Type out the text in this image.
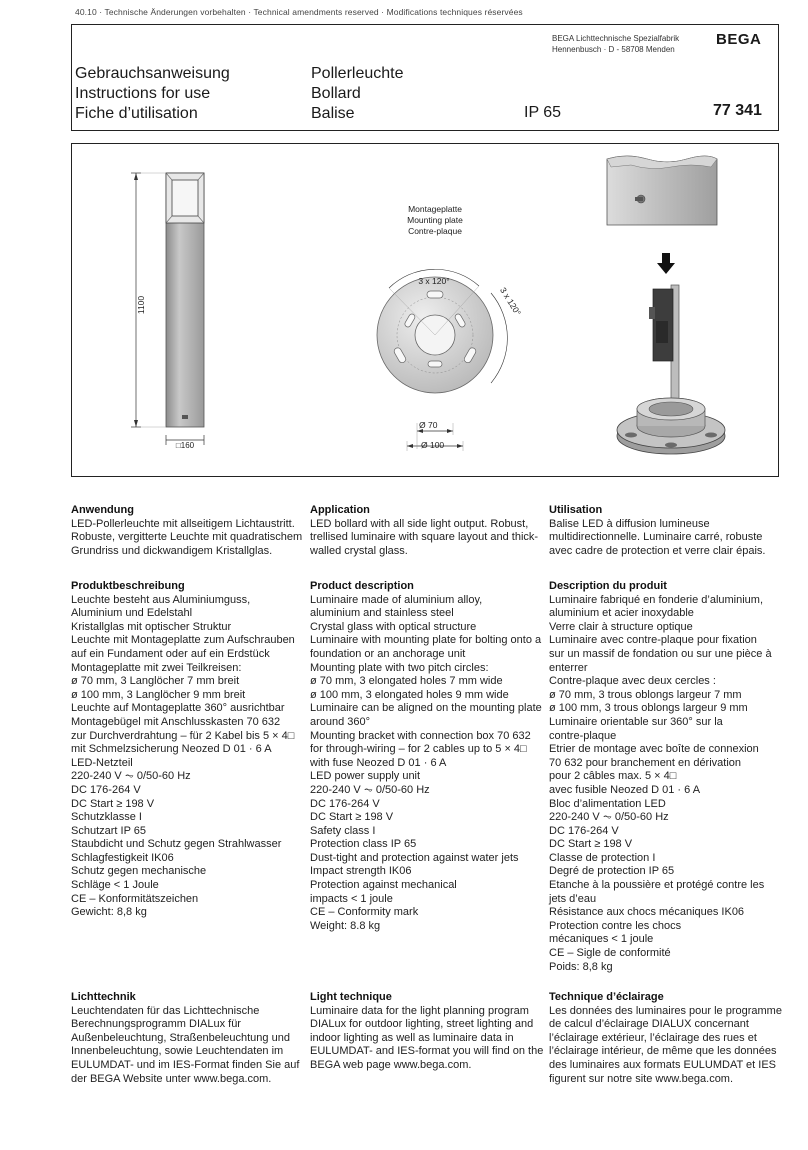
40.10 · Technische Änderungen vorbehalten · Technical amendments reserved · Modifications techniques réservées
BEGA Lichttechnische Spezialfabrik
Hennenbusch · D - 58708 Menden
BEGA
Gebrauchsanweisung
Instructions for use
Fiche d’utilisation
Pollerleuchte
Bollard
Balise	IP 65	77 341
1100
□160
Montageplatte
Mounting plate
Contre-plaque
3 x 120°
3 x 120°
Ø 70
Ø 100
Anwendung

LED-Pollerleuchte mit allseitigem Lichtaustritt.

Robuste, vergitterte Leuchte mit quadratischem

Grundriss und dickwandigem Kristallglas.

Application

LED bollard with all side light output. Robust,

trellised luminaire with square layout and thick-

walled crystal glass.

Utilisation

Balise LED à diffusion lumineuse

multidirectionnelle. Luminaire carré, robuste

avec cadre de protection et verre clair épais.

Produktbeschreibung

Leuchte besteht aus Aluminiumguss,

Aluminium und Edelstahl

Kristallglas mit optischer Struktur

Leuchte mit Montageplatte zum Aufschrauben

auf ein Fundament oder auf ein Erdstück

Montageplatte mit zwei Teilkreisen:

ø 70 mm, 3 Langlöcher 7 mm breit

ø 100 mm, 3 Langlöcher 9 mm breit

Leuchte auf Montageplatte 360° ausrichtbar

Montagebügel mit Anschlusskasten 70 632

zur Durchverdrahtung – für 2 Kabel bis 5 × 4□

mit Schmelzsicherung Neozed D 01 · 6 A

LED-Netzteil

220-240 V ⏦ 0/50-60 Hz

DC 176-264 V

DC Start ≥ 198 V

Schutzklasse I

Schutzart IP 65

Staubdicht und Schutz gegen Strahlwasser

Schlagfestigkeit IK06

Schutz gegen mechanische

Schläge < 1 Joule

CE – Konformitätszeichen

Gewicht: 8,8 kg

Product description

Luminaire made of aluminium alloy,

aluminium and stainless steel

Crystal glass with optical structure

Luminaire with mounting plate for bolting onto a

foundation or an anchorage unit

Mounting plate with two pitch circles:

ø 70 mm, 3 elongated holes 7 mm wide

ø 100 mm, 3 elongated holes 9 mm wide

Luminaire can be aligned on the mounting plate

around 360°

Mounting bracket with connection box 70 632

for through-wiring – for 2 cables up to 5 × 4□

with fuse Neozed D 01 · 6 A

LED power supply unit

220-240 V ⏦ 0/50-60 Hz

DC 176-264 V

DC Start ≥ 198 V

Safety class I

Protection class IP 65

Dust-tight and protection against water jets

Impact strength IK06

Protection against mechanical

impacts < 1 joule

CE – Conformity mark

Weight: 8.8 kg

Description du produit

Luminaire fabriqué en fonderie d’aluminium,

aluminium et acier inoxydable

Verre clair à structure optique

Luminaire avec contre-plaque pour fixation

sur un massif de fondation ou sur une pièce à

enterrer

Contre-plaque avec deux cercles :

ø 70 mm, 3 trous oblongs largeur 7 mm

ø 100 mm, 3 trous oblongs largeur 9 mm

Luminaire orientable sur 360° sur la

contre-plaque

Etrier de montage avec boîte de connexion

70 632 pour branchement en dérivation

pour 2 câbles max. 5 × 4□

avec fusible Neozed D 01 · 6 A

Bloc d’alimentation LED

220-240 V ⏦ 0/50-60 Hz

DC 176-264 V

DC Start ≥ 198 V

Classe de protection I

Degré de protection IP 65

Etanche à la poussière et protégé contre les

jets d’eau

Résistance aux chocs mécaniques IK06

Protection contre les chocs

mécaniques < 1 joule

CE – Sigle de conformité

Poids: 8,8 kg

Lichttechnik

Leuchtendaten für das Lichttechnische

Berechnungsprogramm DIALux für

Außenbeleuchtung, Straßenbeleuchtung und

Innenbeleuchtung, sowie Leuchtendaten im

EULUMDAT- und im IES-Format finden Sie auf

der BEGA Website unter www.bega.com.

Light technique

Luminaire data for the light planning program

DIALux for outdoor lighting, street lighting and

indoor lighting as well as luminaire data in

EULUMDAT- and IES-format you will find on the

BEGA web page www.bega.com.

Technique d’éclairage

Les données des luminaires pour le programme

de calcul d’éclairage DIALUX concernant

l’éclairage extérieur, l’éclairage des rues et

l’éclairage intérieur, de même que les données

des luminaires aux formats EULUMDAT et IES

figurent sur notre site www.bega.com.
